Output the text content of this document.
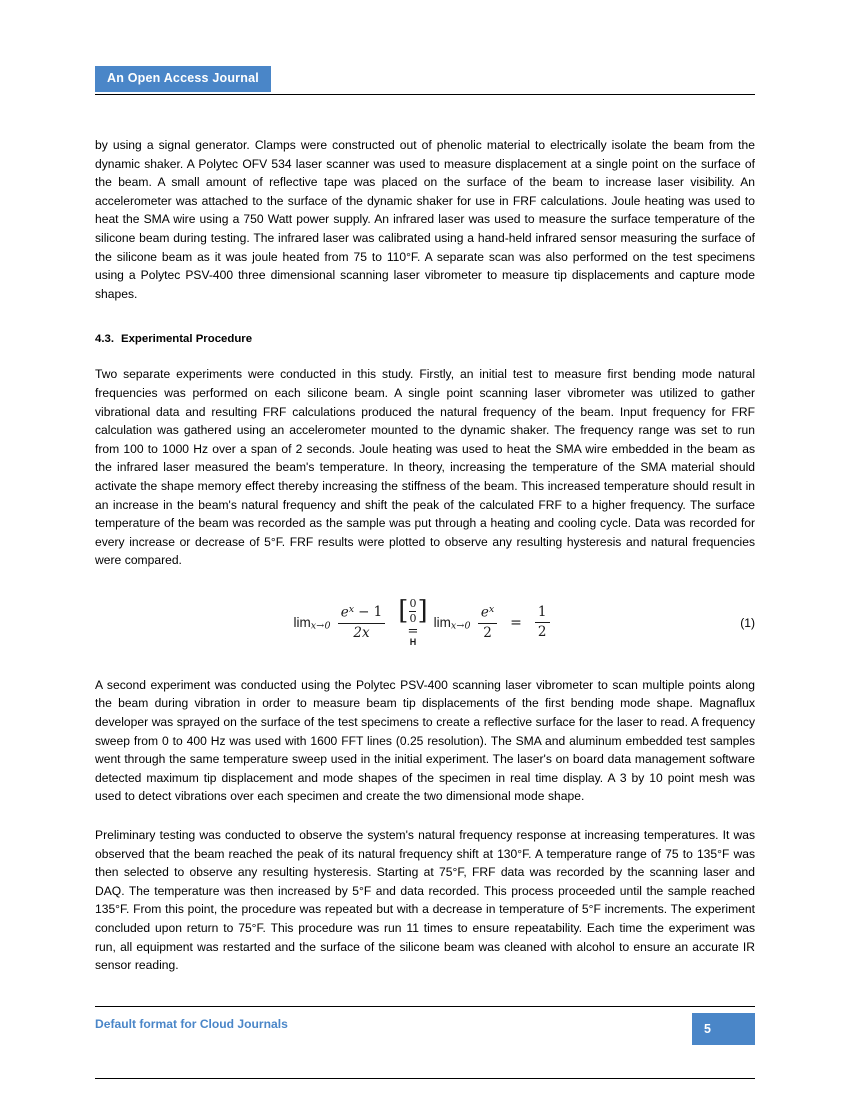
An Open Access Journal

by using a signal generator. Clamps were constructed out of phenolic material to electrically isolate the beam from the dynamic shaker. A Polytec OFV 534 laser scanner was used to measure displacement at a single point on the surface of the beam. A small amount of reflective tape was placed on the surface of the beam to increase laser visibility. An accelerometer was attached to the surface of the dynamic shaker for use in FRF calculations. Joule heating was used to heat the SMA wire using a 750 Watt power supply. An infrared laser was used to measure the surface temperature of the silicone beam during testing. The infrared laser was calibrated using a hand-held infrared sensor measuring the surface of the silicone beam as it was joule heated from 75 to 110°F. A separate scan was also performed on the test specimens using a Polytec PSV-400 three dimensional scanning laser vibrometer to measure tip displacements and capture mode shapes.

4.3. Experimental Procedure

Two separate experiments were conducted in this study. Firstly, an initial test to measure first bending mode natural frequencies was performed on each silicone beam. A single point scanning laser vibrometer was utilized to gather vibrational data and resulting FRF calculations produced the natural frequency of the beam. Input frequency for FRF calculation was gathered using an accelerometer mounted to the dynamic shaker. The frequency range was set to run from 100 to 1000 Hz over a span of 2 seconds. Joule heating was used to heat the SMA wire embedded in the beam as the infrared laser measured the beam's temperature. In theory, increasing the temperature of the SMA material should activate the shape memory effect thereby increasing the stiffness of the beam. This increased temperature should result in an increase in the beam's natural frequency and shift the peak of the calculated FRF to a higher frequency. The surface temperature of the beam was recorded as the sample was put through a heating and cooling cycle. Data was recorded for every increase or decrease of 5°F. FRF results were plotted to observe any resulting hysteresis and natural frequencies were compared.

$\lim x\to 0 \frac{e^x - 1}{2x}$ [ $\frac{0}{0}$ ]
=
H
$\lim x\to 0 \frac{e^x}{2} = \frac{1}{2}$	(1)

A second experiment was conducted using the Polytec PSV-400 scanning laser vibrometer to scan multiple points along the beam during vibration in order to measure beam tip displacements of the first bending mode shape. Magnaflux developer was sprayed on the surface of the test specimens to create a reflective surface for the laser to read. A frequency sweep from 0 to 400 Hz was used with 1600 FFT lines (0.25 resolution). The SMA and aluminum embedded test samples went through the same temperature sweep used in the initial experiment. The laser's on board data management software detected maximum tip displacement and mode shapes of the specimen in real time display. A 3 by 10 point mesh was used to detect vibrations over each specimen and create the two dimensional mode shape.

Preliminary testing was conducted to observe the system's natural frequency response at increasing temperatures. It was observed that the beam reached the peak of its natural frequency shift at 130°F. A temperature range of 75 to 135°F was then selected to observe any resulting hysteresis. Starting at 75°F, FRF data was recorded by the scanning laser and DAQ. The temperature was then increased by 5°F and data recorded. This process proceeded until the sample reached 135°F. From this point, the procedure was repeated but with a decrease in temperature of 5°F increments. The experiment concluded upon return to 75°F. This procedure was run 11 times to ensure repeatability. Each time the experiment was run, all equipment was restarted and the surface of the silicone beam was cleaned with alcohol to ensure an accurate IR sensor reading.

Default format for Cloud Journals	5
